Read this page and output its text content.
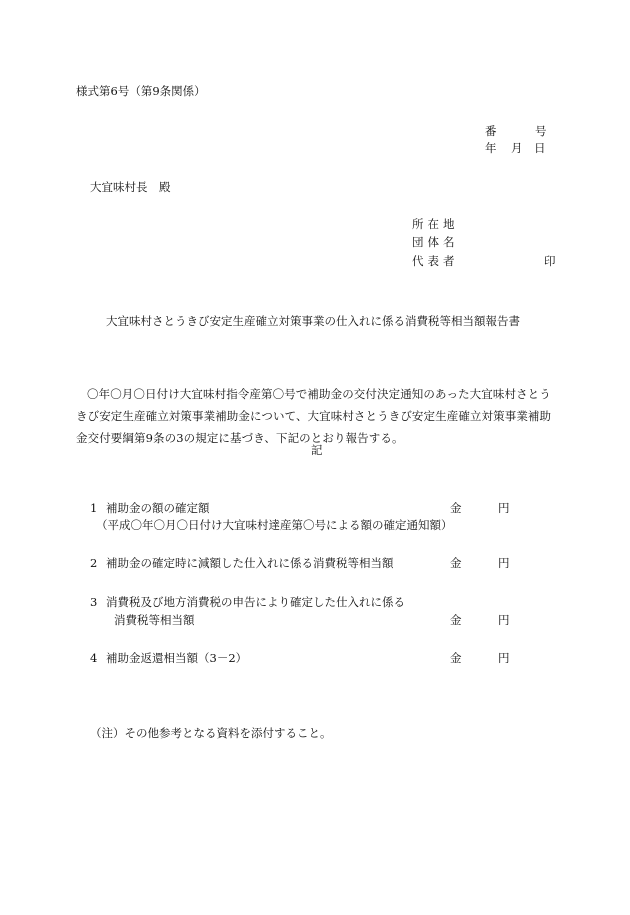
様式第6号（第9条関係）
番	号
年 月 日
大宜味村長　殿
所在地
団体名
代表者	印
大宜味村さとうきび安定生産確立対策事業の仕入れに係る消費税等相当額報告書
〇年〇月〇日付け大宜味村指令産第〇号で補助金の交付決定通知のあった大宜味村さとうきび安定生産確立対策事業補助金について、大宜味村さとうきび安定生産確立対策事業補助金交付要綱第9条の3の規定に基づき、下記のとおり報告する。
記
1 補助金の額の確定額	金	円
（平成〇年〇月〇日付け大宜味村達産第〇号による額の確定通知額）
2 補助金の確定時に減額した仕入れに係る消費税等相当額	金	円
3 消費税及び地方消費税の申告により確定した仕入れに係る
消費税等相当額	金	円
4 補助金返還相当額（3－2）	金	円
（注）その他参考となる資料を添付すること。
